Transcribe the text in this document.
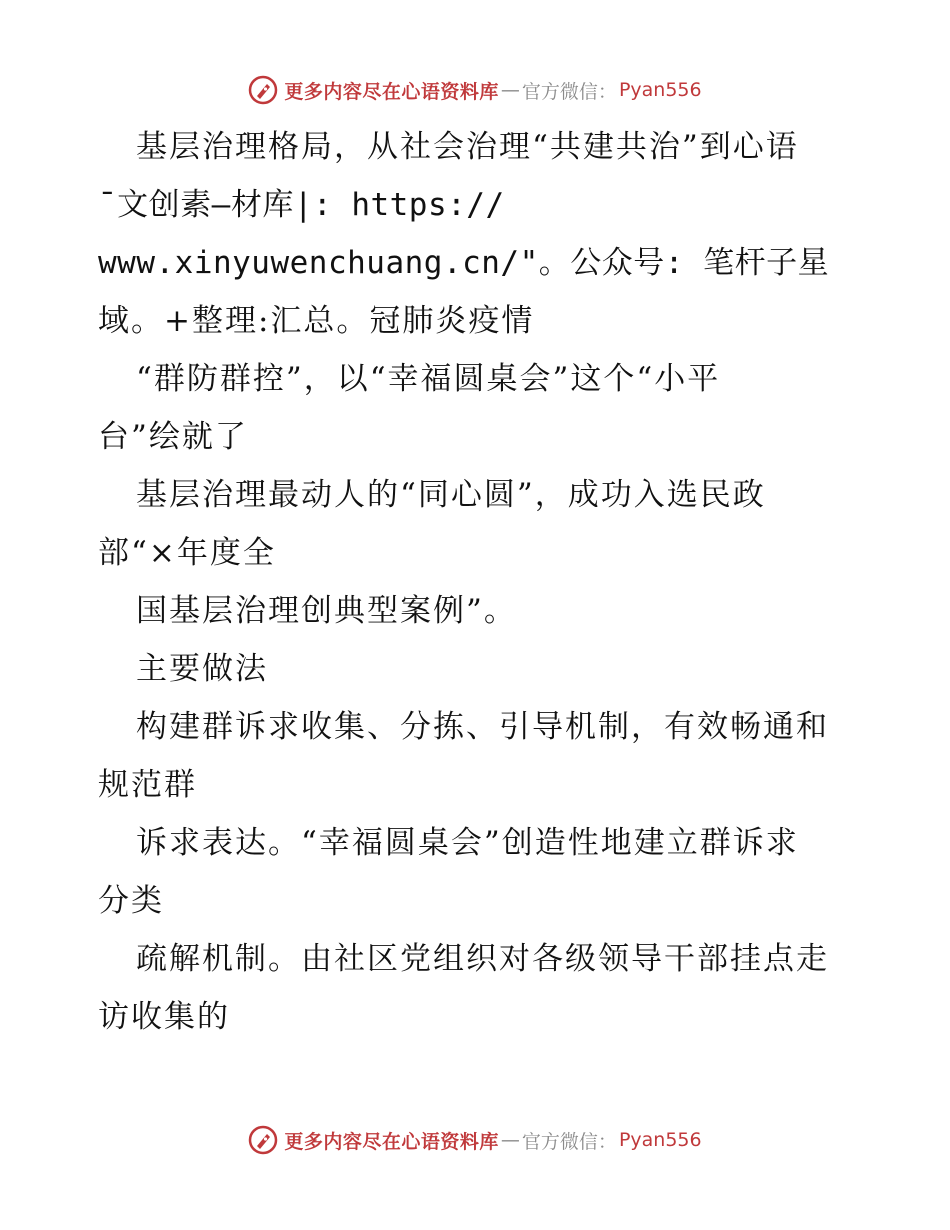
更多内容尽在心语资料库 — 官方微信： Pyan556
基层治理格局，从社会治理“共建共治”到心语
¯文创素—材库|: https://
www.xinyuwenchuang.cn/"。公众号: 笔杆子星
域。+整理:汇总。冠肺炎疫情
“群防群控”，以“幸福圆桌会”这个“小平
台”绘就了
基层治理最动人的“同心圆”，成功入选民政
部“×年度全
国基层治理创典型案例”。
主要做法
构建群诉求收集、分拣、引导机制，有效畅通和
规范群
诉求表达。“幸福圆桌会”创造性地建立群诉求
分类
疏解机制。由社区党组织对各级领导干部挂点走
访收集的
更多内容尽在心语资料库 — 官方微信： Pyan556
